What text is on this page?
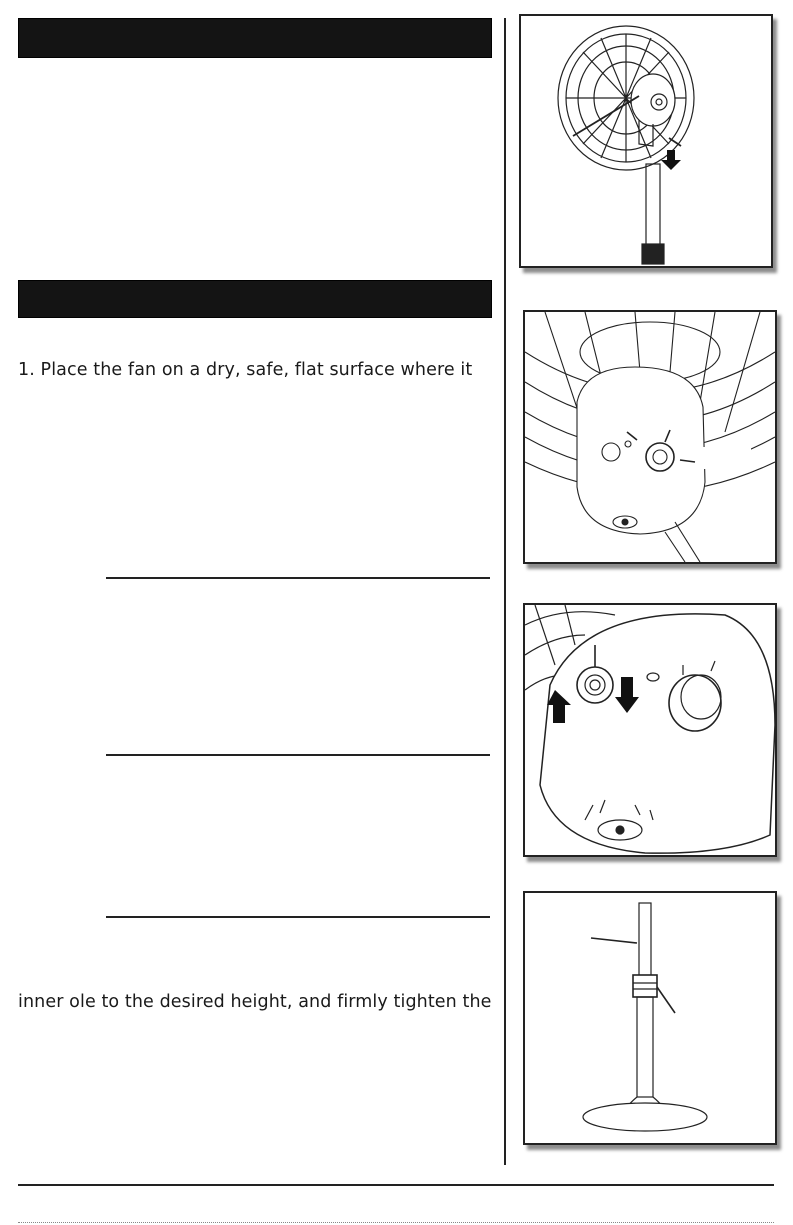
1. Place the fan on a dry, safe, flat surface where it
inner ole to the desired height, and firmly tighten the
